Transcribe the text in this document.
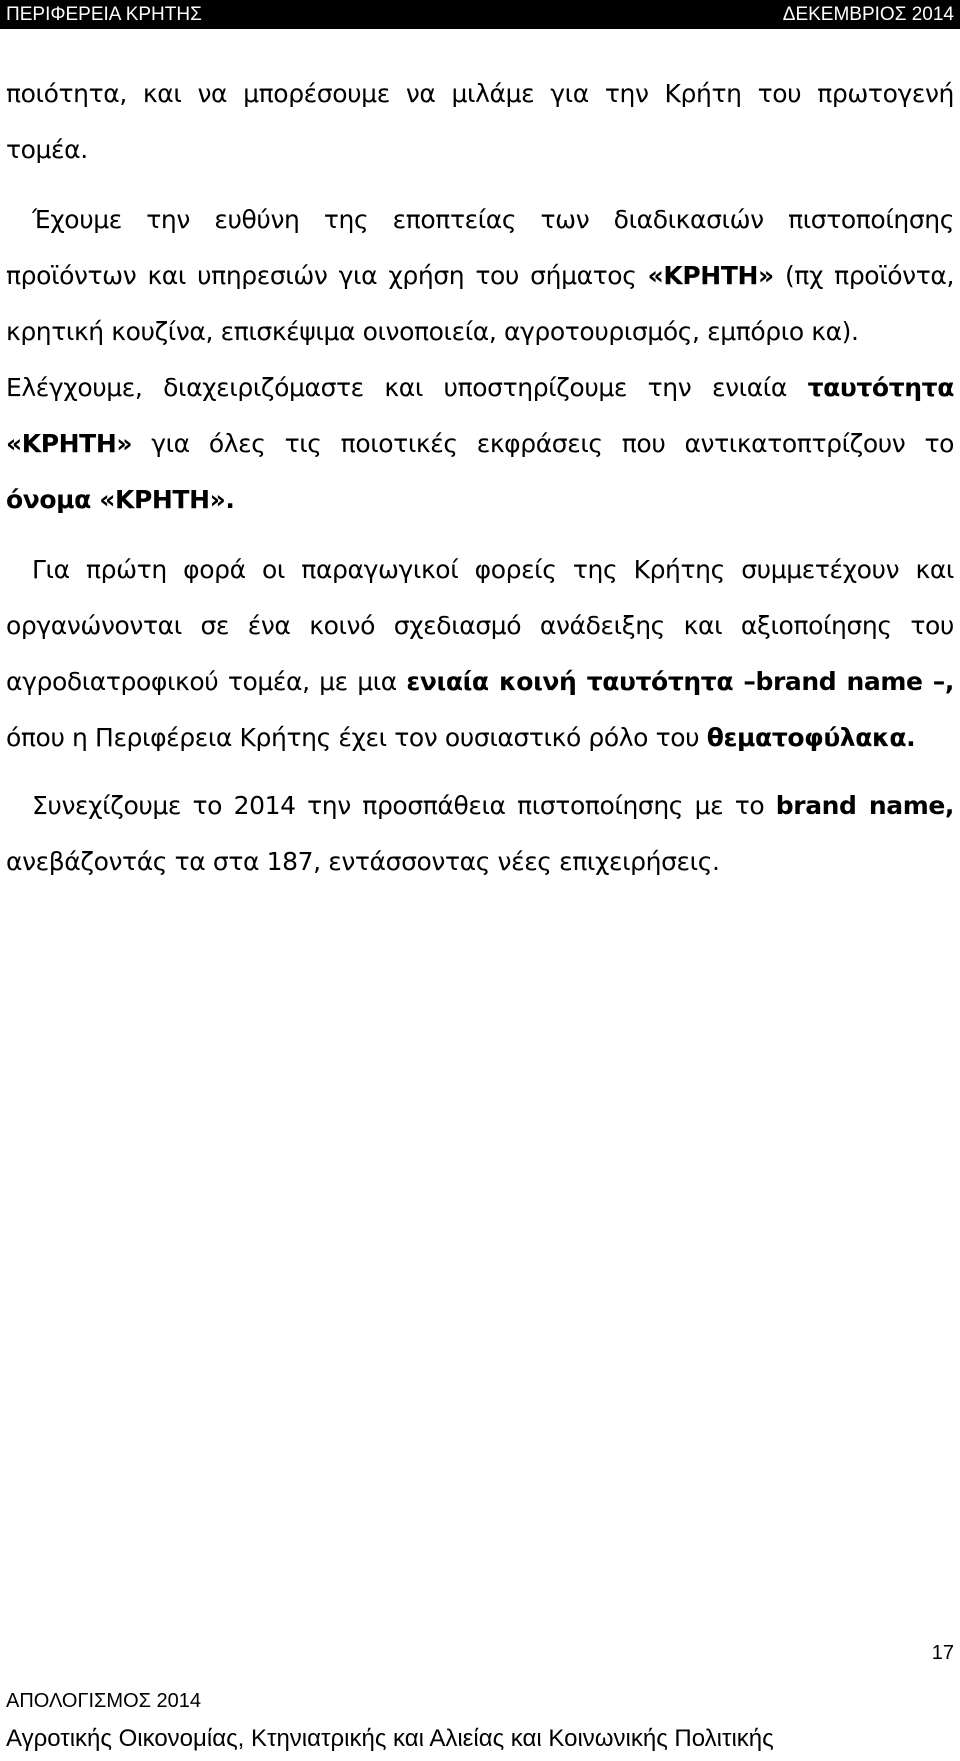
ΠΕΡΙΦΕΡΕΙΑ ΚΡΗΤΗΣ	ΔΕΚΕΜΒΡΙΟΣ 2014

ποιότητα, και να μπορέσουμε να μιλάμε για την Κρήτη του πρωτογενή τομέα.

Έχουμε την ευθύνη της εποπτείας των διαδικασιών πιστοποίησης προϊόντων και υπηρεσιών για χρήση του σήματος «ΚΡΗΤΗ» (πχ προϊόντα, κρητική κουζίνα, επισκέψιμα οινοποιεία, αγροτουρισμός, εμπόριο κα).

Ελέγχουμε, διαχειριζόμαστε και υποστηρίζουμε την ενιαία ταυτότητα «ΚΡΗΤΗ» για όλες τις ποιοτικές εκφράσεις που αντικατοπτρίζουν το όνομα «ΚΡΗΤΗ».

Για πρώτη φορά οι παραγωγικοί φορείς της Κρήτης συμμετέχουν και οργανώνονται σε ένα κοινό σχεδιασμό ανάδειξης και αξιοποίησης του αγροδιατροφικού τομέα, με μια ενιαία κοινή ταυτότητα –brand name –, όπου η Περιφέρεια Κρήτης έχει τον ουσιαστικό ρόλο του θεματοφύλακα.

Συνεχίζουμε το 2014 την προσπάθεια πιστοποίησης με το brand name, ανεβάζοντάς τα στα 187, εντάσσοντας νέες επιχειρήσεις.

17
ΑΠΟΛΟΓΙΣΜΟΣ 2014
Αγροτικής Οικονομίας, Κτηνιατρικής και Αλιείας και Κοινωνικής Πολιτικής
